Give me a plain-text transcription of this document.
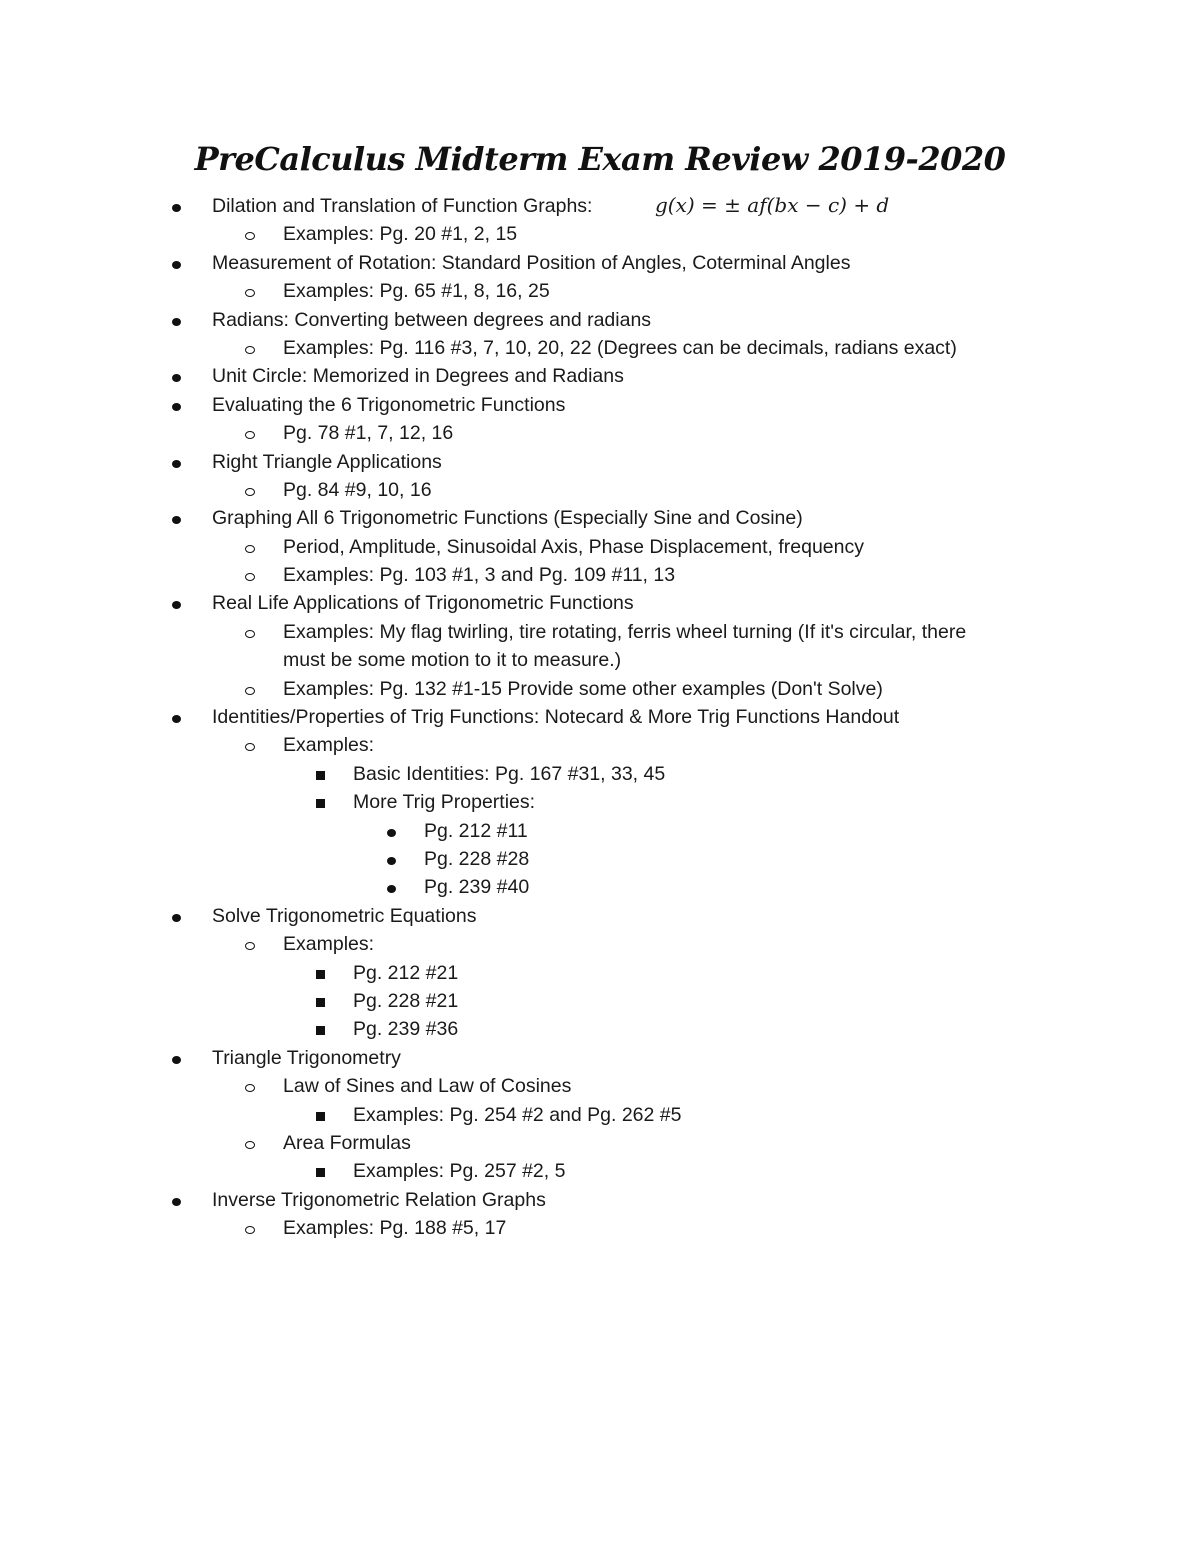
PreCalculus Midterm Exam Review 2019-2020
Dilation and Translation of Function Graphs:	g(x) = ± af(bx − c) + d
Examples: Pg. 20 #1, 2, 15
Measurement of Rotation: Standard Position of Angles, Coterminal Angles
Examples: Pg. 65 #1, 8, 16, 25
Radians: Converting between degrees and radians
Examples: Pg. 116 #3, 7, 10, 20, 22 (Degrees can be decimals, radians exact)
Unit Circle: Memorized in Degrees and Radians
Evaluating the 6 Trigonometric Functions
Pg. 78 #1, 7, 12, 16
Right Triangle Applications
Pg. 84 #9, 10, 16
Graphing All 6 Trigonometric Functions (Especially Sine and Cosine)
Period, Amplitude, Sinusoidal Axis, Phase Displacement, frequency
Examples: Pg. 103 #1, 3 and Pg. 109 #11, 13
Real Life Applications of Trigonometric Functions
Examples: My flag twirling, tire rotating, ferris wheel turning (If it's circular, there
must be some motion to it to measure.)
Examples: Pg. 132 #1-15 Provide some other examples (Don't Solve)
Identities/Properties of Trig Functions: Notecard & More Trig Functions Handout
Examples:
Basic Identities: Pg. 167 #31, 33, 45
More Trig Properties:
Pg. 212 #11
Pg. 228 #28
Pg. 239 #40
Solve Trigonometric Equations
Examples:
Pg. 212 #21
Pg. 228 #21
Pg. 239 #36
Triangle Trigonometry
Law of Sines and Law of Cosines
Examples: Pg. 254 #2 and Pg. 262 #5
Area Formulas
Examples: Pg. 257 #2, 5
Inverse Trigonometric Relation Graphs
Examples: Pg. 188 #5, 17
